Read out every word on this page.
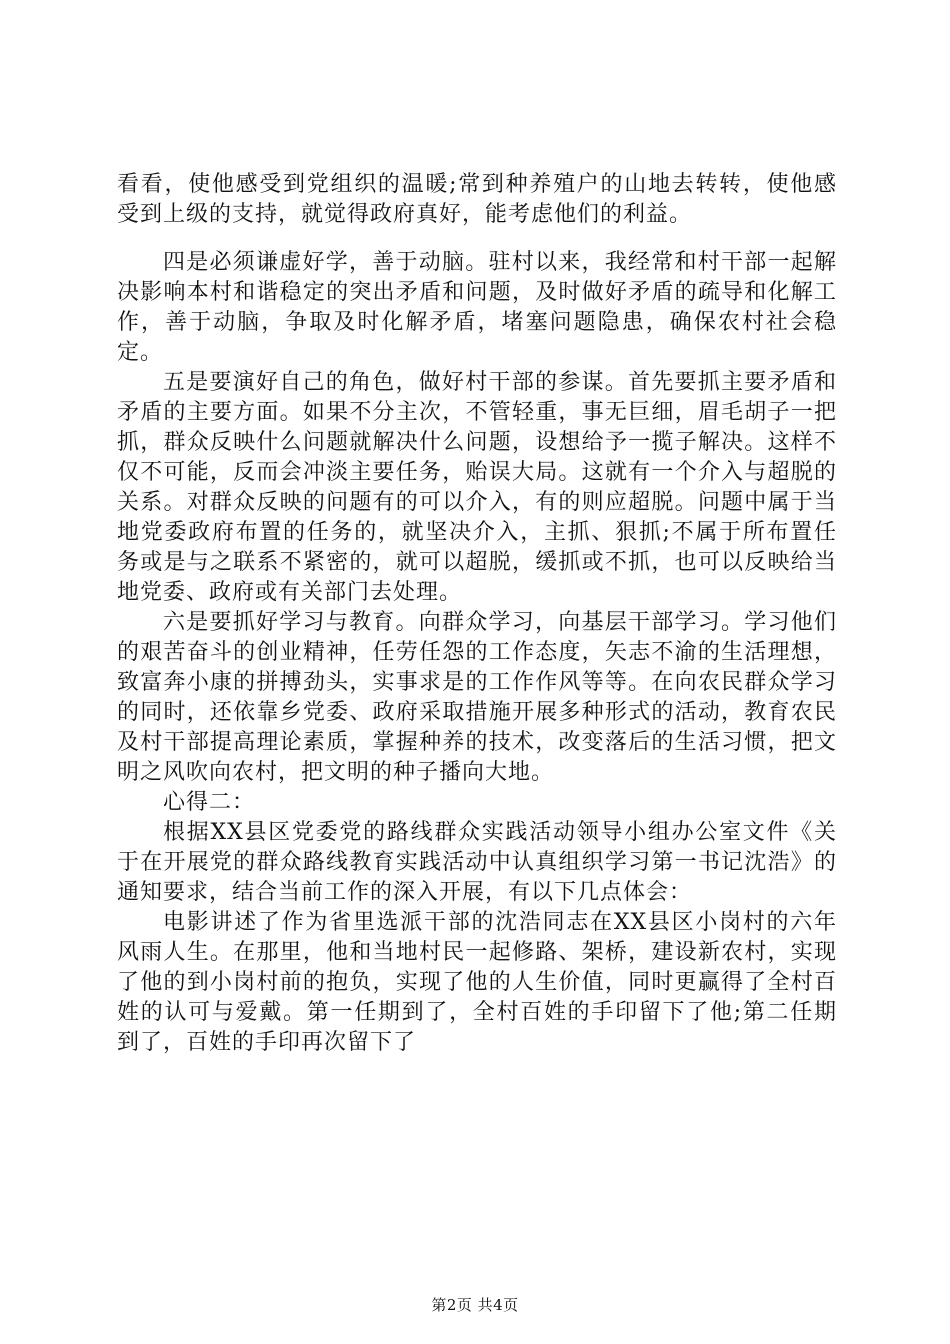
看看，使他感受到党组织的温暖;常到种养殖户的山地去转转，使他感受到上级的支持，就觉得政府真好，能考虑他们的利益。

四是必须谦虚好学，善于动脑。驻村以来，我经常和村干部一起解决影响本村和谐稳定的突出矛盾和问题，及时做好矛盾的疏导和化解工作，善于动脑，争取及时化解矛盾，堵塞问题隐患，确保农村社会稳定。

五是要演好自己的角色，做好村干部的参谋。首先要抓主要矛盾和矛盾的主要方面。如果不分主次，不管轻重，事无巨细，眉毛胡子一把抓，群众反映什么问题就解决什么问题，设想给予一揽子解决。这样不仅不可能，反而会冲淡主要任务，贻误大局。这就有一个介入与超脱的关系。对群众反映的问题有的可以介入，有的则应超脱。问题中属于当地党委政府布置的任务的，就坚决介入，主抓、狠抓;不属于所布置任务或是与之联系不紧密的，就可以超脱，缓抓或不抓，也可以反映给当地党委、政府或有关部门去处理。

六是要抓好学习与教育。向群众学习，向基层干部学习。学习他们的艰苦奋斗的创业精神，任劳任怨的工作态度，矢志不渝的生活理想，致富奔小康的拼搏劲头，实事求是的工作作风等等。在向农民群众学习的同时，还依靠乡党委、政府采取措施开展多种形式的活动，教育农民及村干部提高理论素质，掌握种养的技术，改变落后的生活习惯，把文明之风吹向农村，把文明的种子播向大地。

心得二：

根据XX县区党委党的路线群众实践活动领导小组办公室文件《关于在开展党的群众路线教育实践活动中认真组织学习第一书记沈浩》的通知要求，结合当前工作的深入开展，有以下几点体会：

电影讲述了作为省里选派干部的沈浩同志在XX县区小岗村的六年风雨人生。在那里，他和当地村民一起修路、架桥，建设新农村，实现了他的到小岗村前的抱负，实现了他的人生价值，同时更赢得了全村百姓的认可与爱戴。第一任期到了，全村百姓的手印留下了他;第二任期到了，百姓的手印再次留下了

第2页 共4页
